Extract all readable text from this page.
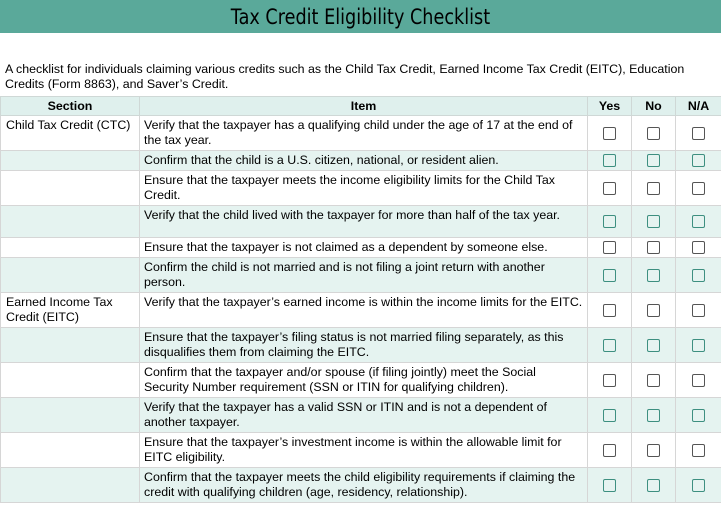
Tax Credit Eligibility Checklist
A checklist for individuals claiming various credits such as the Child Tax Credit, Earned Income Tax Credit (EITC), Education Credits (Form 8863), and Saver’s Credit.
Section	Item	Yes	No	N/A
Child Tax Credit (CTC)	Verify that the taxpayer has a qualifying child under the age of 17 at the end of the tax year.			
	Confirm that the child is a U.S. citizen, national, or resident alien.			
	Ensure that the taxpayer meets the income eligibility limits for the Child Tax Credit.			
	Verify that the child lived with the taxpayer for more than half of the tax year.			
	Ensure that the taxpayer is not claimed as a dependent by someone else.			
	Confirm the child is not married and is not filing a joint return with another person.			
Earned Income Tax Credit (EITC)	Verify that the taxpayer’s earned income is within the income limits for the EITC.			
	Ensure that the taxpayer’s filing status is not married filing separately, as this disqualifies them from claiming the EITC.			
	Confirm that the taxpayer and/or spouse (if filing jointly) meet the Social Security Number requirement (SSN or ITIN for qualifying children).			
	Verify that the taxpayer has a valid SSN or ITIN and is not a dependent of another taxpayer.			
	Ensure that the taxpayer’s investment income is within the allowable limit for EITC eligibility.			
	Confirm that the taxpayer meets the child eligibility requirements if claiming the credit with qualifying children (age, residency, relationship).			
